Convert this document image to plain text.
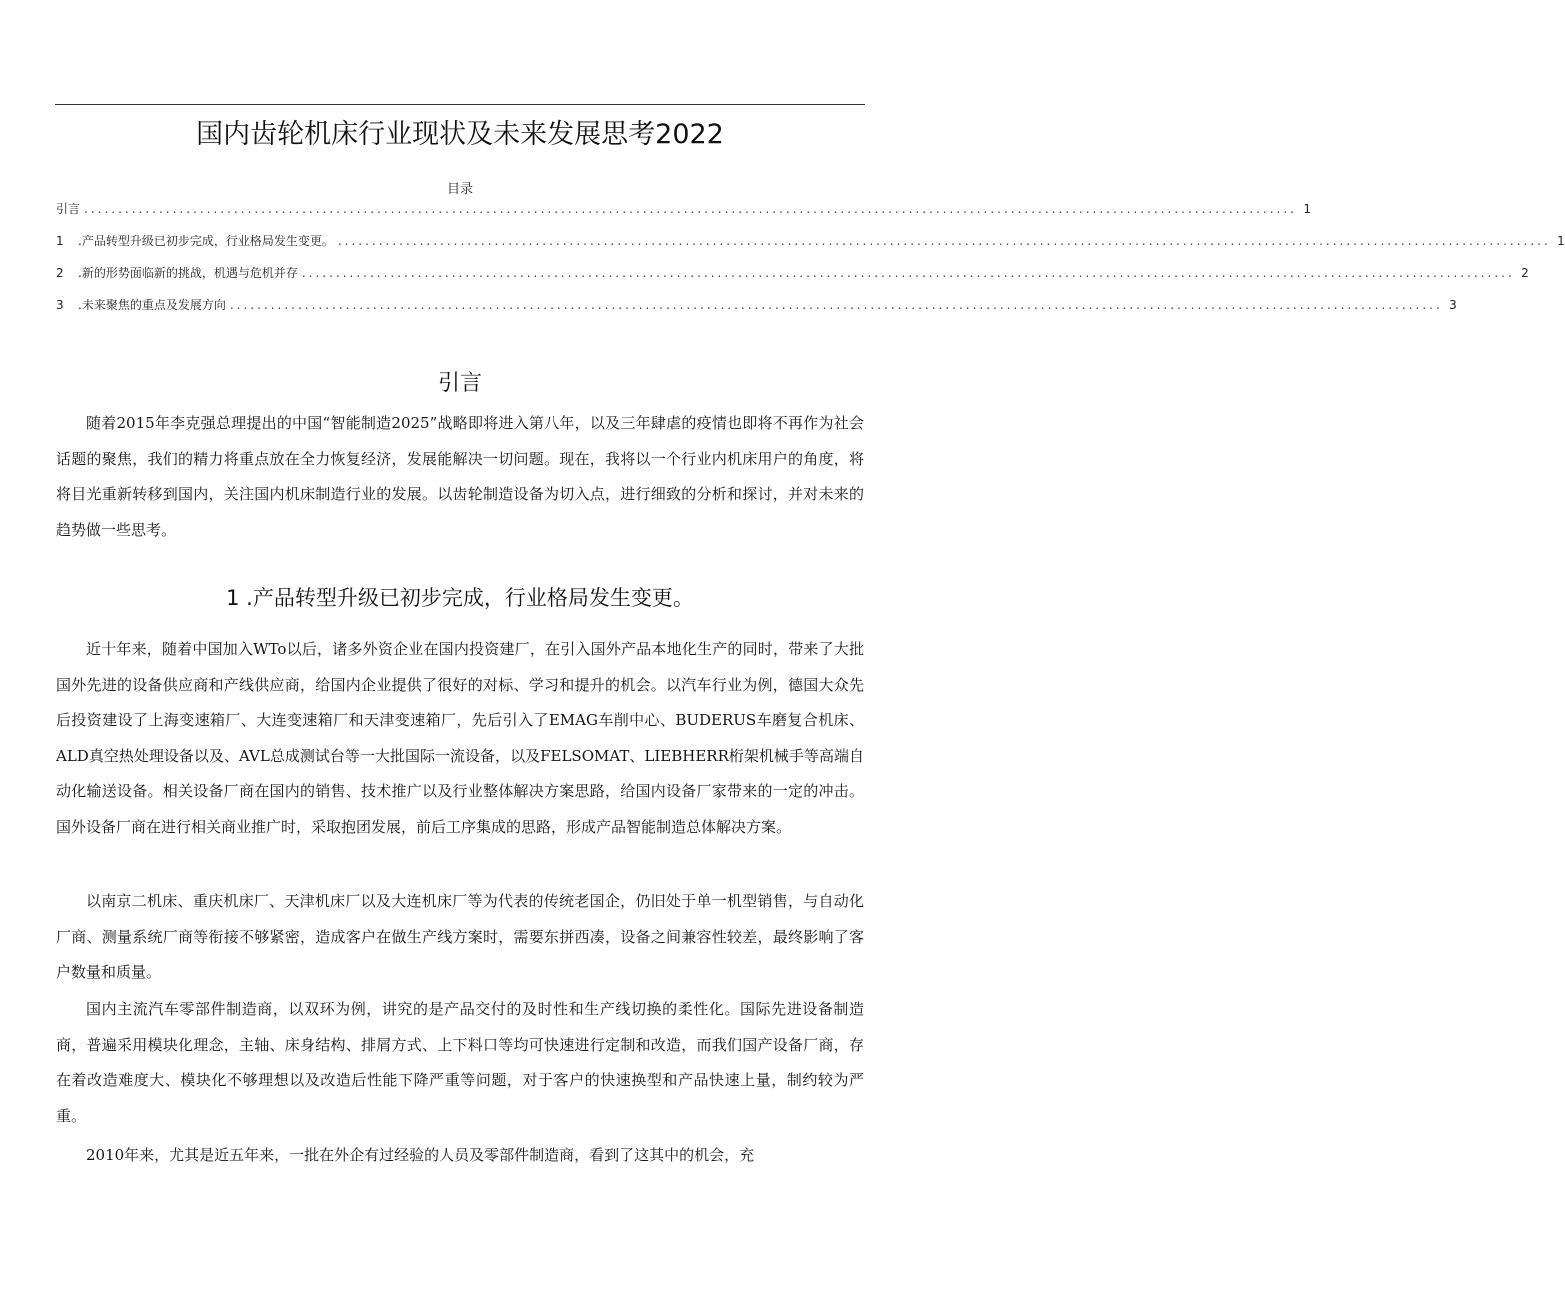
国内齿轮机床行业现状及未来发展思考2022
目录
引言 .................................................................................................................................................................................. 1
1	.产品转型升级已初步完成，行业格局发生变更。 .................................................................................................................................................................................. 1
2	.新的形势面临新的挑战，机遇与危机并存 .................................................................................................................................................................................. 2
3	.未来聚焦的重点及发展方向 .................................................................................................................................................................................. 3
引言

随着2015年李克强总理提出的中国“智能制造2025”战略即将进入第八年，以及三年肆虐的疫情也即将不再作为社会话题的聚焦，我们的精力将重点放在全力恢复经济，发展能解决一切问题。现在，我将以一个行业内机床用户的角度，将将目光重新转移到国内，关注国内机床制造行业的发展。以齿轮制造设备为切入点，进行细致的分析和探讨，并对未来的趋势做一些思考。

1 .产品转型升级已初步完成，行业格局发生变更。

近十年来，随着中国加入WTo以后，诸多外资企业在国内投资建厂，在引入国外产品本地化生产的同时，带来了大批国外先进的设备供应商和产线供应商，给国内企业提供了很好的对标、学习和提升的机会。以汽车行业为例，德国大众先后投资建设了上海变速箱厂、大连变速箱厂和天津变速箱厂，先后引入了EMAG车削中心、BUDERUS车磨复合机床、ALD真空热处理设备以及、AVL总成测试台等一大批国际一流设备，以及FELSOMAT、LIEBHERR桁架机械手等高端自动化输送设备。相关设备厂商在国内的销售、技术推广以及行业整体解决方案思路，给国内设备厂家带来的一定的冲击。国外设备厂商在进行相关商业推广时，采取抱团发展，前后工序集成的思路，形成产品智能制造总体解决方案。

以南京二机床、重庆机床厂、天津机床厂以及大连机床厂等为代表的传统老国企，仍旧处于单一机型销售，与自动化厂商、测量系统厂商等衔接不够紧密，造成客户在做生产线方案时，需要东拼西凑，设备之间兼容性较差，最终影响了客户数量和质量。

国内主流汽车零部件制造商，以双环为例，讲究的是产品交付的及时性和生产线切换的柔性化。国际先进设备制造商，普遍采用模块化理念，主轴、床身结构、排屑方式、上下料口等均可快速进行定制和改造，而我们国产设备厂商，存在着改造难度大、模块化不够理想以及改造后性能下降严重等问题，对于客户的快速换型和产品快速上量，制约较为严重。

2010年来，尤其是近五年来，一批在外企有过经验的人员及零部件制造商，看到了这其中的机会，充
